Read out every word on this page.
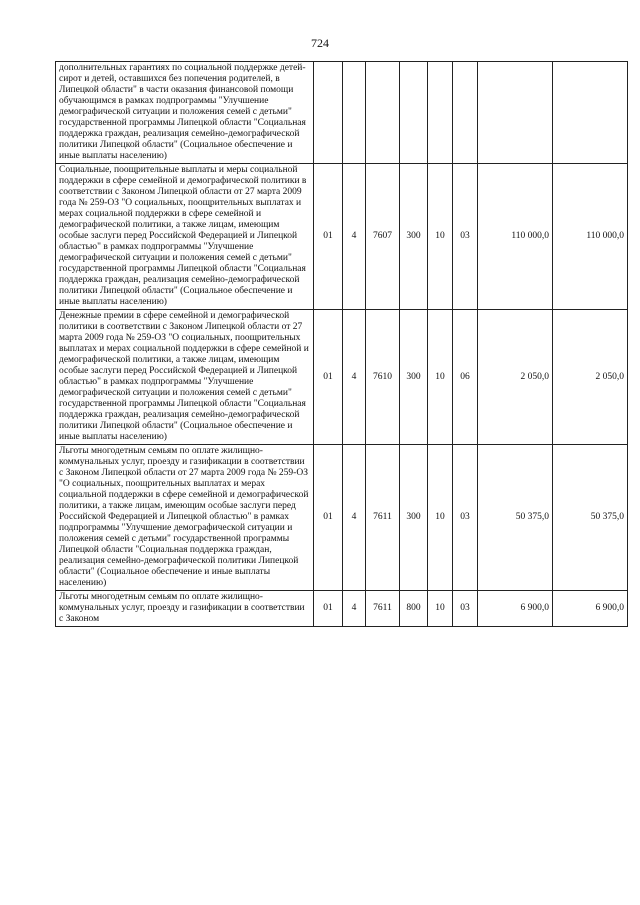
724
дополнительных гарантиях по социальной поддержке детей-сирот и детей, оставшихся без попечения родителей, в Липецкой области" в части оказания финансовой помощи обучающимся в рамках подпрограммы "Улучшение демографической ситуации и положения семей с детьми" государственной программы Липецкой области "Социальная поддержка граждан, реализация семейно-демографической политики Липецкой области" (Социальное обеспечение и иные выплаты населению)								
Социальные, поощрительные выплаты и меры социальной поддержки в сфере семейной и демографической политики в соответствии с Законом Липецкой области от 27 марта 2009 года № 259-ОЗ "О социальных, поощрительных выплатах и мерах социальной поддержки в сфере семейной и демографической политики, а также лицам, имеющим особые заслуги перед Российской Федерацией и Липецкой областью" в рамках подпрограммы "Улучшение демографической ситуации и положения семей с детьми" государственной программы Липецкой области "Социальная поддержка граждан, реализация семейно-демографической политики Липецкой области" (Социальное обеспечение и иные выплаты населению)	01	4	7607	300	10	03	110 000,0	110 000,0
Денежные премии в сфере семейной и демографической политики в соответствии с Законом Липецкой области от 27 марта 2009 года № 259-ОЗ "О социальных, поощрительных выплатах и мерах социальной поддержки в сфере семейной и демографической политики, а также лицам, имеющим особые заслуги перед Российской Федерацией и Липецкой областью" в рамках подпрограммы "Улучшение демографической ситуации и положения семей с детьми" государственной программы Липецкой области "Социальная поддержка граждан, реализация семейно-демографической политики Липецкой области" (Социальное обеспечение и иные выплаты населению)	01	4	7610	300	10	06	2 050,0	2 050,0
Льготы многодетным семьям по оплате жилищно-коммунальных услуг, проезду и газификации в соответствии с Законом Липецкой области от 27 марта 2009 года № 259-ОЗ "О социальных, поощрительных выплатах и мерах социальной поддержки в сфере семейной и демографической политики, а также лицам, имеющим особые заслуги перед Российской Федерацией и Липецкой областью" в рамках подпрограммы "Улучшение демографической ситуации и положения семей с детьми" государственной программы Липецкой области "Социальная поддержка граждан, реализация семейно-демографической политики Липецкой области" (Социальное обеспечение и иные выплаты населению)	01	4	7611	300	10	03	50 375,0	50 375,0
Льготы многодетным семьям по оплате жилищно-коммунальных услуг, проезду и газификации в соответствии с Законом	01	4	7611	800	10	03	6 900,0	6 900,0
